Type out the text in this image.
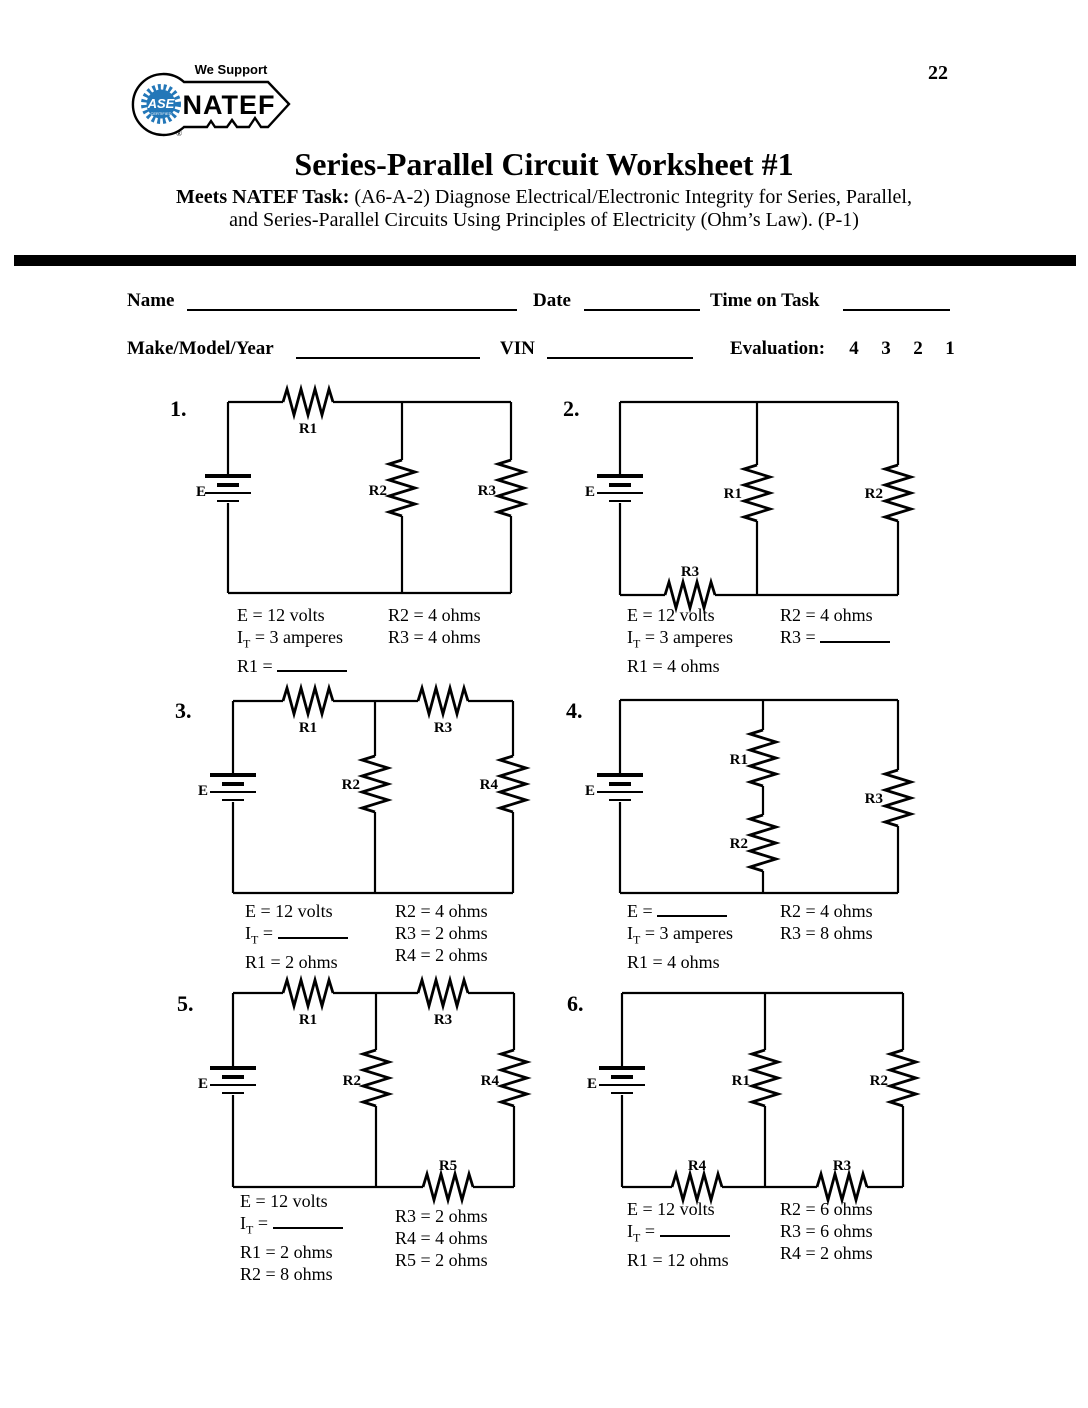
ASE
CERTIFIED
We Support
NATEF
®
22
Series-Parallel Circuit Worksheet #1
Meets NATEF Task: (A6-A-2) Diagnose Electrical/Electronic Integrity for Series, Parallel,
and Series-Parallel Circuits Using Principles of Electricity (Ohm’s Law). (P-1)
Name	Date	Time on Task
Make/Model/Year	VIN	Evaluation:	4	3	2	1
1.	2.
3.	4.
5.	6.
E
R1
R2	R3	E	R1	R2
R3
E
R1	R3
R2	R4	E
R1
R2
R3
E
R1	R3
R2	R4
R5
E	R1	R2
R4	R3
E = 12 volts
$I_T = 3$ amperes
R1 =
R2 = 4 ohms
R3 = 4 ohms
E = 12 volts
$I_T = 3$ amperes
R1 = 4 ohms
R2 = 4 ohms
R3 =
E = 12 volts
$I_T$ =
R1 = 2 ohms
R2 = 4 ohms
R3 = 2 ohms
R4 = 2 ohms
E =
$I_T = 3$ amperes
R1 = 4 ohms
R2 = 4 ohms
R3 = 8 ohms
E = 12 volts
$I_T$ =
R1 = 2 ohms
R2 = 8 ohms
R3 = 2 ohms
R4 = 4 ohms
R5 = 2 ohms
E = 12 volts
$I_T$ =
R1 = 12 ohms
R2 = 6 ohms
R3 = 6 ohms
R4 = 2 ohms
